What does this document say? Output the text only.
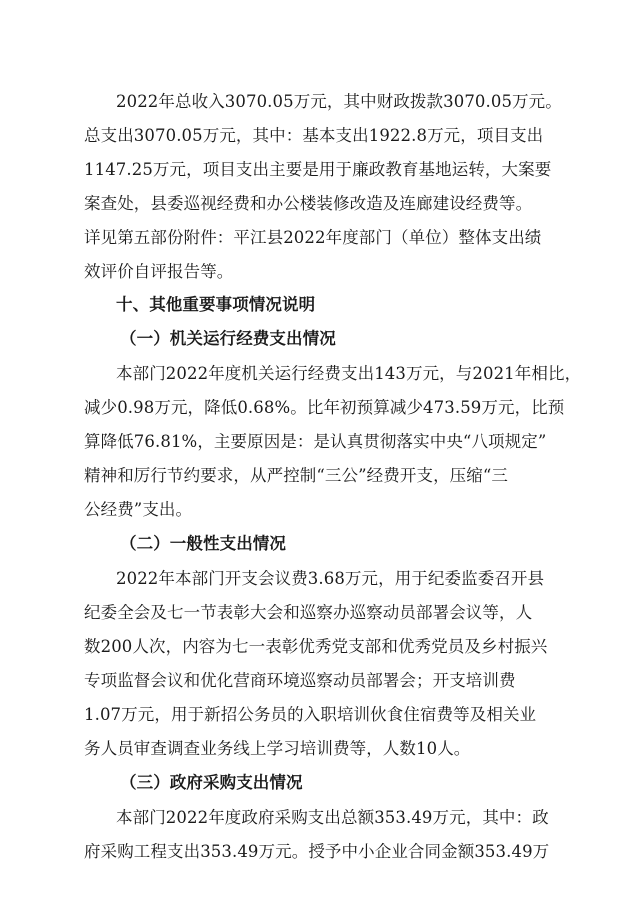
2022年总收入3070.05万元，其中财政拨款3070.05万元。
总支出3070.05万元，其中：基本支出1922.8万元，项目支出
1147.25万元，项目支出主要是用于廉政教育基地运转，大案要
案查处，县委巡视经费和办公楼装修改造及连廊建设经费等。
详见第五部份附件：平江县2022年度部门（单位）整体支出绩
效评价自评报告等。
十、其他重要事项情况说明
（一）机关运行经费支出情况
本部门2022年度机关运行经费支出143万元，与2021年相比，
减少0.98万元，降低0.68%。比年初预算减少473.59万元，比预
算降低76.81%，主要原因是：是认真贯彻落实中央“八项规定”
精神和厉行节约要求，从严控制“三公”经费开支，压缩“三
公经费”支出。
（二）一般性支出情况
2022年本部门开支会议费3.68万元，用于纪委监委召开县
纪委全会及七一节表彰大会和巡察办巡察动员部署会议等，人
数200人次，内容为七一表彰优秀党支部和优秀党员及乡村振兴
专项监督会议和优化营商环境巡察动员部署会；开支培训费
1.07万元，用于新招公务员的入职培训伙食住宿费等及相关业
务人员审查调查业务线上学习培训费等，人数10人。
（三）政府采购支出情况
本部门2022年度政府采购支出总额353.49万元，其中：政
府采购工程支出353.49万元。授予中小企业合同金额353.49万
